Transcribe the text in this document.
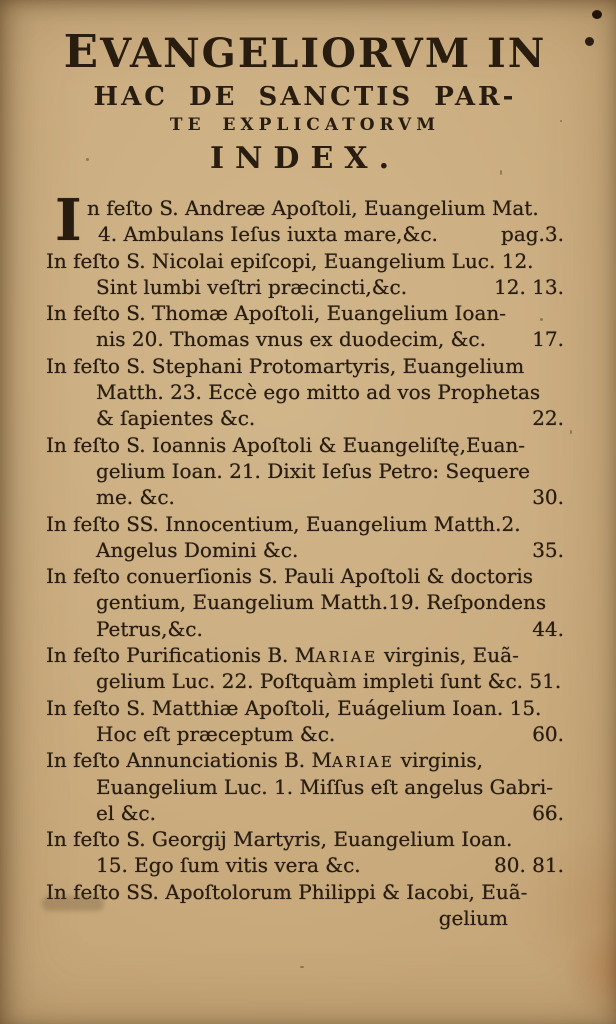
EVANGELIORVM IN
HAC DE SANCTIS PAR-
TE EXPLICATORVM
INDEX.
I n feſto S. Andreæ Apoſtoli, Euangelium Mat.
4. Ambulans Ieſus iuxta mare,&c.	pag.3.
In feſto S. Nicolai epiſcopi, Euangelium Luc. 12.
Sint lumbi veſtri præcincti,&c.	12. 13.
In feſto S. Thomæ Apoſtoli, Euangelium Ioan-
nis 20. Thomas vnus ex duodecim, &c.	17.
In feſto S. Stephani Protomartyris, Euangelium
Matth. 23. Eccè ego mitto ad vos Prophetas
& ſapientes &c.	22.
In feſto S. Ioannis Apoſtoli & Euangeliſtę,Euan-
gelium Ioan. 21. Dixit Ieſus Petro: Sequere
me. &c.	30.
In feſto SS. Innocentium, Euangelium Matth.2.
Angelus Domini &c.	35.
In feſto conuerſionis S. Pauli Apoſtoli & doctoris
gentium, Euangelium Matth.19. Reſpondens
Petrus,&c.	44.
In feſto Purificationis B. MARIAE virginis, Euã-
gelium Luc. 22. Poſtquàm impleti ſunt &c. 51.
In feſto S. Matthiæ Apoſtoli, Euágelium Ioan. 15.
Hoc eſt præceptum &c.	60.
In feſto Annunciationis B. MARIAE virginis,
Euangelium Luc. 1. Miſſus eſt angelus Gabri-
el &c.	66.
In feſto S. Georgij Martyris, Euangelium Ioan.
15. Ego ſum vitis vera &c.	80. 81.
In feſto SS. Apoſtolorum Philippi & Iacobi, Euã-
gelium
